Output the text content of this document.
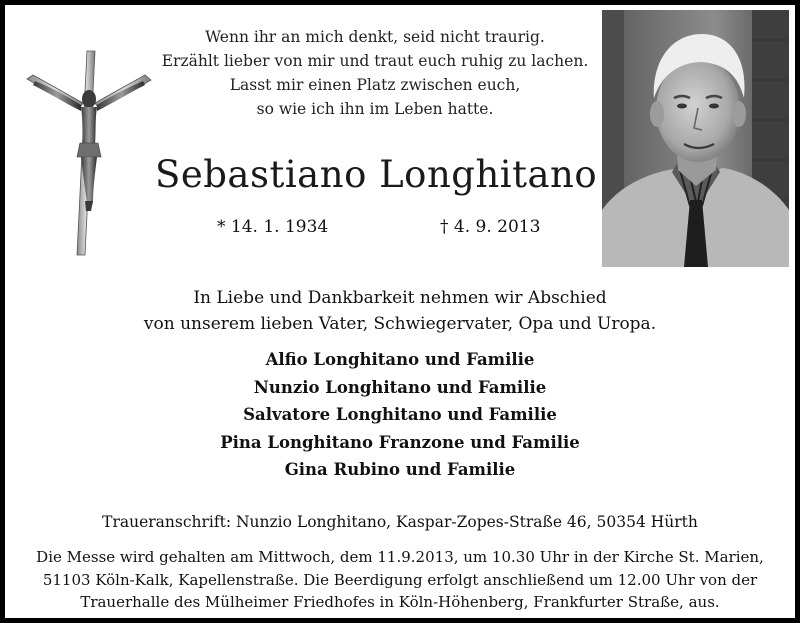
Wenn ihr an mich denkt, seid nicht traurig.
Erzählt lieber von mir und traut euch ruhig zu lachen.
Lasst mir einen Platz zwischen euch,
so wie ich ihn im Leben hatte.
Sebastiano Longhitano
* 14. 1. 1934	† 4. 9. 2013
In Liebe und Dankbarkeit nehmen wir Abschied
von unserem lieben Vater, Schwiegervater, Opa und Uropa.
Alfio Longhitano und Familie
Nunzio Longhitano und Familie
Salvatore Longhitano und Familie
Pina Longhitano Franzone und Familie
Gina Rubino und Familie
Traueranschrift: Nunzio Longhitano, Kaspar-Zopes-Straße 46, 50354 Hürth
Die Messe wird gehalten am Mittwoch, dem 11.9.2013, um 10.30 Uhr in der Kirche St. Marien,
51103 Köln-Kalk, Kapellenstraße. Die Beerdigung erfolgt anschließend um 12.00 Uhr von der
Trauerhalle des Mülheimer Friedhofes in Köln-Höhenberg, Frankfurter Straße, aus.
